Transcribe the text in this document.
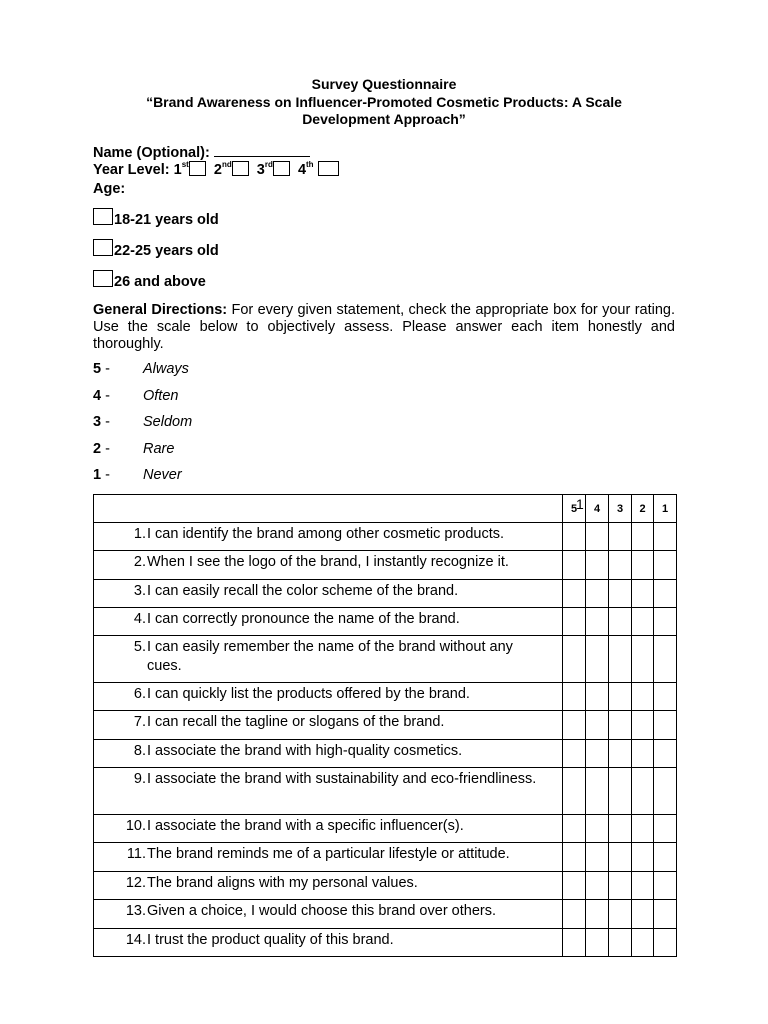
Survey Questionnaire
“Brand Awareness on Influencer-Promoted Cosmetic Products: A Scale
Development Approach”
Name (Optional):
Year Level: 1st 2nd 3rd 4th
Age:
18-21 years old
22-25 years old
26 and above
General Directions: For every given statement, check the appropriate box for your rating. Use the scale below to objectively assess. Please answer each item honestly and thoroughly.
5 - Always
4 - Often
3 - Seldom
2 - Rare
1 - Never
	5	4	3	2	1
1.I can identify the brand among other cosmetic products.					
2.When I see the logo of the brand, I instantly recognize it.					
3.I can easily recall the color scheme of the brand.					
4.I can correctly pronounce the name of the brand.					
5.I can easily remember the name of the brand without any cues.					
6.I can quickly list the products offered by the brand.					
7.I can recall the tagline or slogans of the brand.					
8.I associate the brand with high-quality cosmetics.					
9.I associate the brand with sustainability and eco-friendliness.					
10.I associate the brand with a specific influencer(s).					
11.The brand reminds me of a particular lifestyle or attitude.					
12.The brand aligns with my personal values.					
13.Given a choice, I would choose this brand over others.					
14.I trust the product quality of this brand.					
1
